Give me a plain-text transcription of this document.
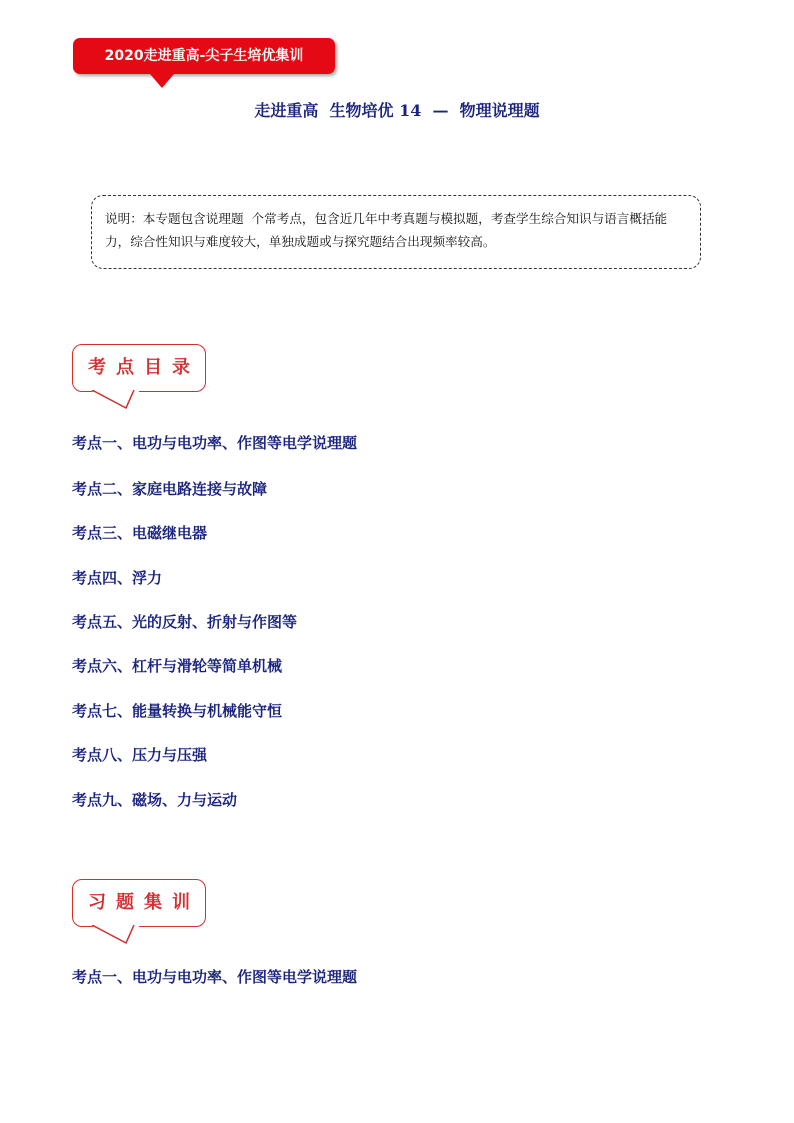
2020走进重高-尖子生培优集训
走进重高  生物培优 14  —  物理说理题
说明：本专题包含说理题  个常考点，包含近几年中考真题与模拟题，考查学生综合知识与语言概括能力，综合性知识与难度较大，单独成题或与探究题结合出现频率较高。
考点目录
考点一、电功与电功率、作图等电学说理题
考点二、家庭电路连接与故障
考点三、电磁继电器
考点四、浮力
考点五、光的反射、折射与作图等
考点六、杠杆与滑轮等简单机械
考点七、能量转换与机械能守恒
考点八、压力与压强
考点九、磁场、力与运动
习题集训
考点一、电功与电功率、作图等电学说理题
